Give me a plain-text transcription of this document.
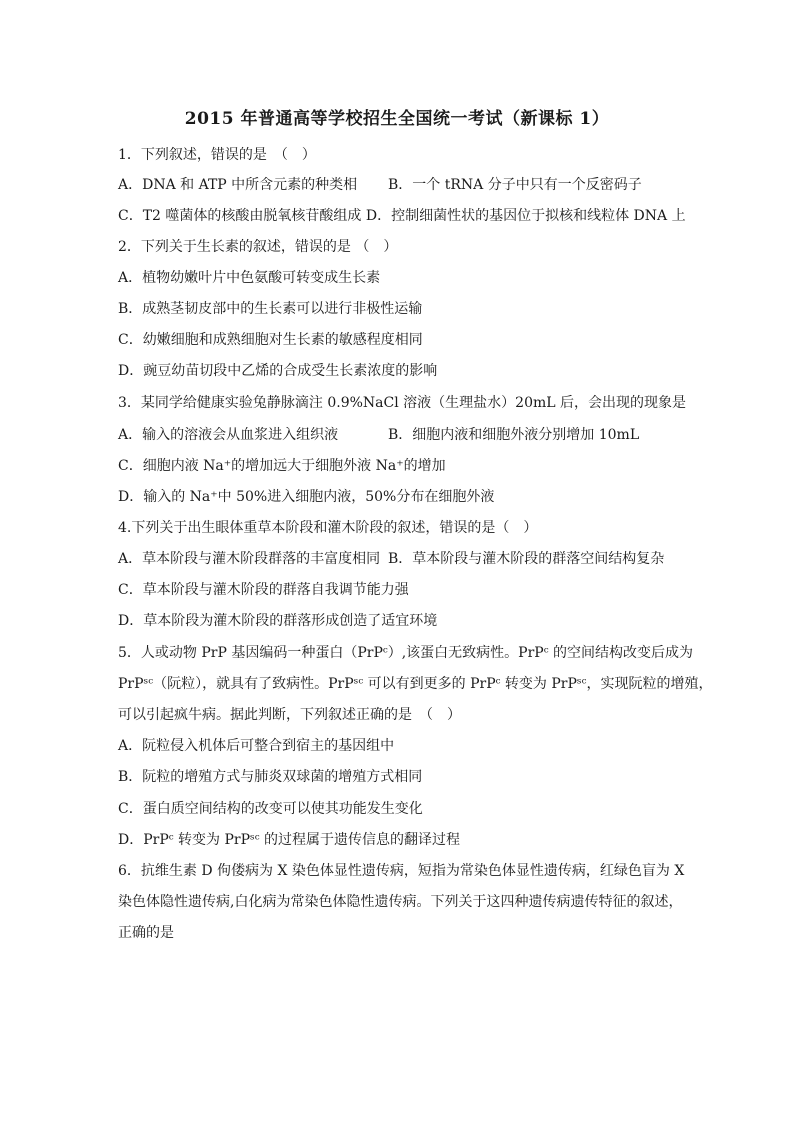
2015 年普通高等学校招生全国统一考试（新课标 1）
1．下列叙述，错误的是　（　）
A．DNA 和 ATP 中所含元素的种类相 B．一个 tRNA 分子中只有一个反密码子
C．T2 噬菌体的核酸由脱氧核苷酸组成 D．控制细菌性状的基因位于拟核和线粒体 DNA 上
2．下列关于生长素的叙述，错误的是 （　）
A．植物幼嫩叶片中色氨酸可转变成生长素
B．成熟茎韧皮部中的生长素可以进行非极性运输
C．幼嫩细胞和成熟细胞对生长素的敏感程度相同
D．豌豆幼苗切段中乙烯的合成受生长素浓度的影响
3．某同学给健康实验兔静脉滴注 0.9%NaCl 溶液（生理盐水）20mL 后，会出现的现象是
A．输入的溶液会从血浆进入组织液	B．细胞内液和细胞外液分别增加 10mL
C．细胞内液 Na⁺的增加远大于细胞外液 Na⁺的增加
D．输入的 Na⁺中 50%进入细胞内液，50%分布在细胞外液
4.下列关于出生眼体重草本阶段和灌木阶段的叙述，错误的是（　）
A．草本阶段与灌木阶段群落的丰富度相同 B．草本阶段与灌木阶段的群落空间结构复杂
C．草本阶段与灌木阶段的群落自我调节能力强
D．草本阶段为灌木阶段的群落形成创造了适宜环境
5．人或动物 PrP 基因编码一种蛋白（PrPᶜ）,该蛋白无致病性。PrPᶜ 的空间结构改变后成为
PrPˢᶜ（阮粒），就具有了致病性。PrPˢᶜ 可以有到更多的 PrPᶜ 转变为 PrPˢᶜ，实现阮粒的增殖，
可以引起疯牛病。据此判断，下列叙述正确的是　（　）
A．阮粒侵入机体后可整合到宿主的基因组中
B．阮粒的增殖方式与肺炎双球菌的增殖方式相同
C．蛋白质空间结构的改变可以使其功能发生变化
D．PrPᶜ 转变为 PrPˢᶜ 的过程属于遗传信息的翻译过程
6．抗维生素 D 佝偻病为 X 染色体显性遗传病，短指为常染色体显性遗传病，红绿色盲为 X
染色体隐性遗传病,白化病为常染色体隐性遗传病。下列关于这四种遗传病遗传特征的叙述，
正确的是
